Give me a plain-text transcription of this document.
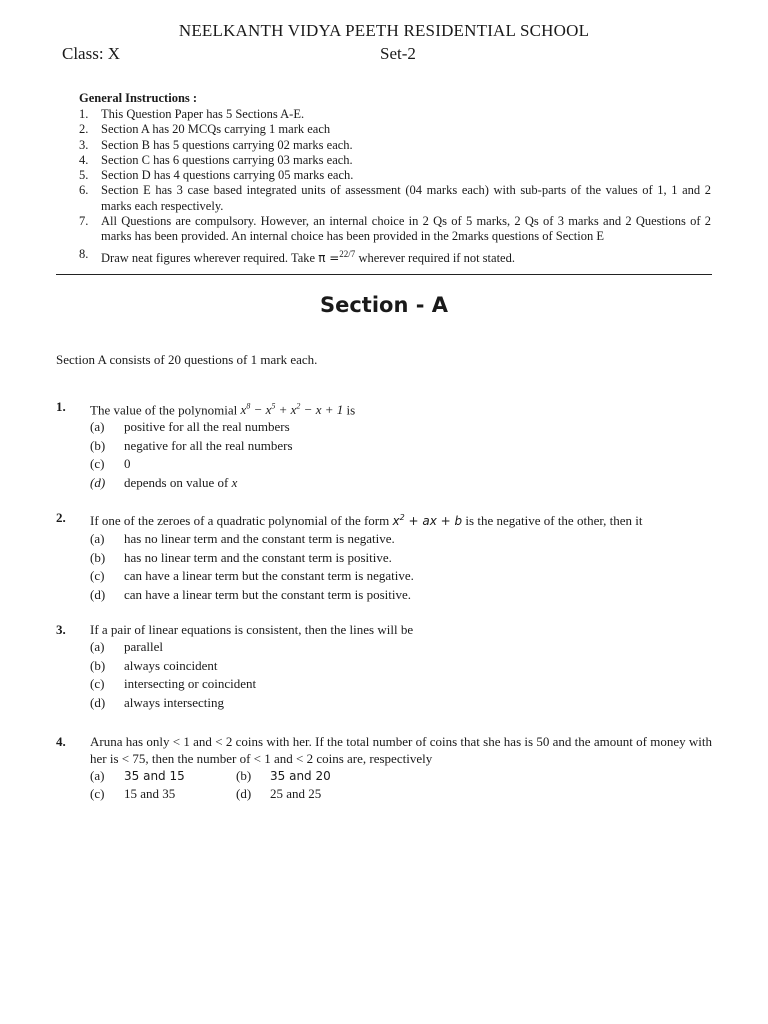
NEELKANTH VIDYA PEETH RESIDENTIAL SCHOOL
Class: X	Set-2
General Instructions :
1.	This Question Paper has 5 Sections A-E.
2.	Section A has 20 MCQs carrying 1 mark each
3.	Section B has 5 questions carrying 02 marks each.
4.	Section C has 6 questions carrying 03 marks each.
5.	Section D has 4 questions carrying 05 marks each.
6.	Section E has 3 case based integrated units of assessment (04 marks each) with sub-parts of the values of 1, 1 and 2 marks each respectively.
7.	All Questions are compulsory. However, an internal choice in 2 Qs of 5 marks, 2 Qs of 3 marks and 2 Questions of 2 marks has been provided. An internal choice has been provided in the 2marks questions of Section E
8.	Draw neat figures wherever required. Take π =$^{22/7}$ wherever required if not stated.
Section - A
Section A consists of 20 questions of 1 mark each.
1. The value of the polynomial $x^8 - x^5 + x^2 - x + 1$ is
(a)	positive for all the real numbers
(b)	negative for all the real numbers
(c)	0
(d)	depends on value of x
2. If one of the zeroes of a quadratic polynomial of the form $x^2$ + ax + b is the negative of the other, then it
(a)	has no linear term and the constant term is negative.
(b)	has no linear term and the constant term is positive.
(c)	can have a linear term but the constant term is negative.
(d)	can have a linear term but the constant term is positive.
3. If a pair of linear equations is consistent, then the lines will be
(a)	parallel
(b)	always coincident
(c)	intersecting or coincident
(d)	always intersecting
4. Aruna has only < 1 and < 2 coins with her. If the total number of coins that she has is 50 and the amount of money with her is < 75, then the number of < 1 and < 2 coins are, respectively
(a)	35 and 15	(b)	35 and 20
(c)	15 and 35	(d)	25 and 25
